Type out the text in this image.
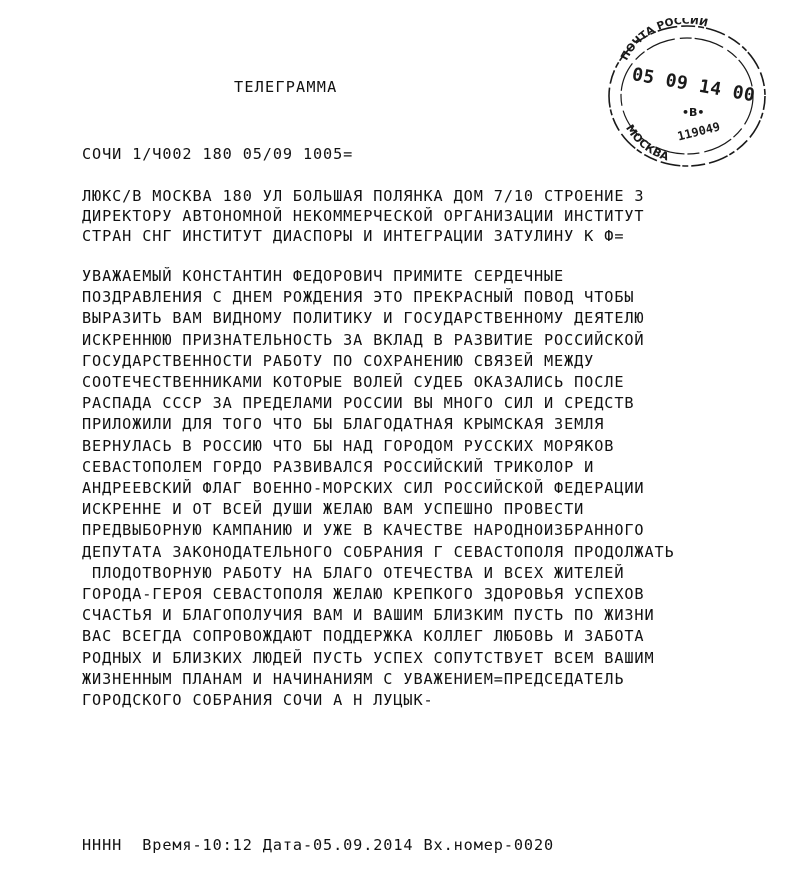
ТЕЛЕГРАММА
СОЧИ 1/Ч002 180 05/09 1005=
ЛЮКС/В МОСКВА 180 УЛ БОЛЬШАЯ ПОЛЯНКА ДОМ 7/10 СТРОЕНИЕ 3
ДИРЕКТОРУ АВТОНОМНОЙ НЕКОММЕРЧЕСКОЙ ОРГАНИЗАЦИИ ИНСТИТУТ
СТРАН СНГ ИНСТИТУТ ДИАСПОРЫ И ИНТЕГРАЦИИ ЗАТУЛИНУ К Ф=
УВАЖАЕМЫЙ КОНСТАНТИН ФЕДОРОВИЧ ПРИМИТЕ СЕРДЕЧНЫЕ
ПОЗДРАВЛЕНИЯ С ДНЕМ РОЖДЕНИЯ ЭТО ПРЕКРАСНЫЙ ПОВОД ЧТОБЫ
ВЫРАЗИТЬ ВАМ ВИДНОМУ ПОЛИТИКУ И ГОСУДАРСТВЕННОМУ ДЕЯТЕЛЮ
ИСКРЕННЮЮ ПРИЗНАТЕЛЬНОСТЬ ЗА ВКЛАД В РАЗВИТИЕ РОССИЙСКОЙ
ГОСУДАРСТВЕННОСТИ РАБОТУ ПО СОХРАНЕНИЮ СВЯЗЕЙ МЕЖДУ
СООТЕЧЕСТВЕННИКАМИ КОТОРЫЕ ВОЛЕЙ СУДЕБ ОКАЗАЛИСЬ ПОСЛЕ
РАСПАДА СССР ЗА ПРЕДЕЛАМИ РОССИИ ВЫ МНОГО СИЛ И СРЕДСТВ
ПРИЛОЖИЛИ ДЛЯ ТОГО ЧТО БЫ БЛАГОДАТНАЯ КРЫМСКАЯ ЗЕМЛЯ
ВЕРНУЛАСЬ В РОССИЮ ЧТО БЫ НАД ГОРОДОМ РУССКИХ МОРЯКОВ
СЕВАСТОПОЛЕМ ГОРДО РАЗВИВАЛСЯ РОССИЙСКИЙ ТРИКОЛОР И
АНДРЕЕВСКИЙ ФЛАГ ВОЕННО-МОРСКИХ СИЛ РОССИЙСКОЙ ФЕДЕРАЦИИ
ИСКРЕННЕ И ОТ ВСЕЙ ДУШИ ЖЕЛАЮ ВАМ УСПЕШНО ПРОВЕСТИ
ПРЕДВЫБОРНУЮ КАМПАНИЮ И УЖЕ В КАЧЕСТВЕ НАРОДНОИЗБРАННОГО
ДЕПУТАТА ЗАКОНОДАТЕЛЬНОГО СОБРАНИЯ Г СЕВАСТОПОЛЯ ПРОДОЛЖАТЬ
ПЛОДОТВОРНУЮ РАБОТУ НА БЛАГО ОТЕЧЕСТВА И ВСЕХ ЖИТЕЛЕЙ
ГОРОДА-ГЕРОЯ СЕВАСТОПОЛЯ ЖЕЛАЮ КРЕПКОГО ЗДОРОВЬЯ УСПЕХОВ
СЧАСТЬЯ И БЛАГОПОЛУЧИЯ ВАМ И ВАШИМ БЛИЗКИМ ПУСТЬ ПО ЖИЗНИ
ВАС ВСЕГДА СОПРОВОЖДАЮТ ПОДДЕРЖКА КОЛЛЕГ ЛЮБОВЬ И ЗАБОТА
РОДНЫХ И БЛИЗКИХ ЛЮДЕЙ ПУСТЬ УСПЕХ СОПУТСТВУЕТ ВСЕМ ВАШИМ
ЖИЗНЕННЫМ ПЛАНАМ И НАЧИНАНИЯМ С УВАЖЕНИЕМ=ПРЕДСЕДАТЕЛЬ
ГОРОДСКОГО СОБРАНИЯ СОЧИ А Н ЛУЦЫК-
НННН  Время-10:12 Дата-05.09.2014 Вх.номер-0020
ПОЧТА РОССИИ
МОСКВА
05 09 14 00
•В•
119049
